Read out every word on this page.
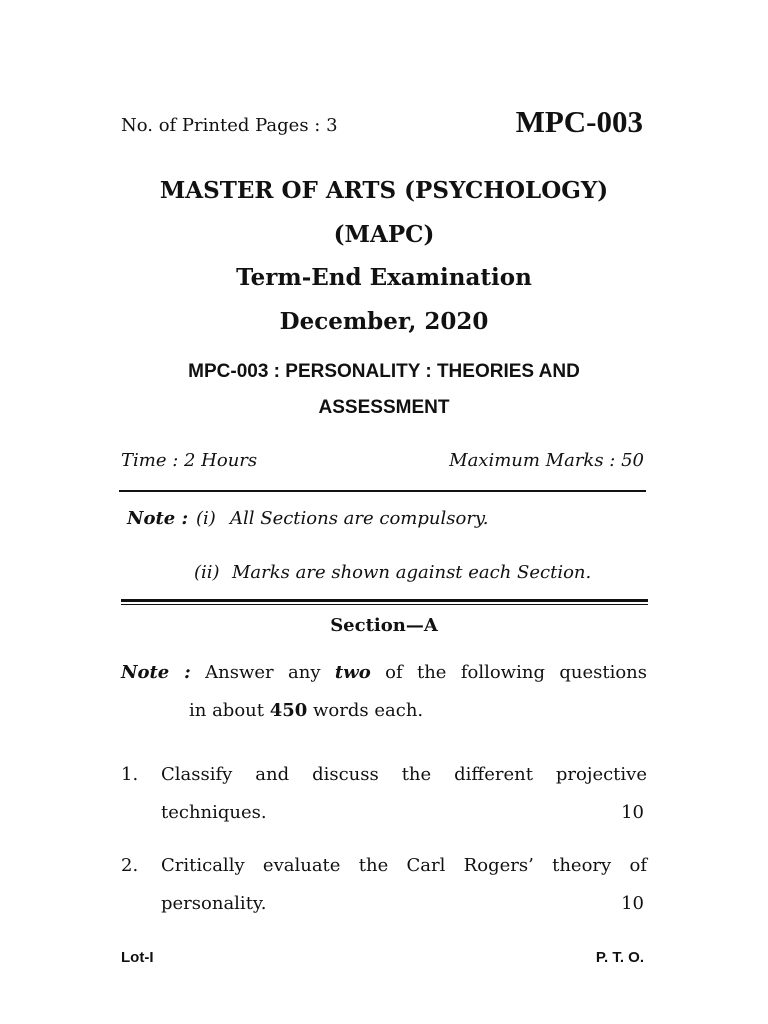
No. of Printed Pages : 3	MPC-003
MASTER OF ARTS (PSYCHOLOGY)
(MAPC)
Term-End Examination
December, 2020
MPC-003 : PERSONALITY : THEORIES AND
ASSESSMENT
Time : 2 Hours	Maximum Marks : 50
Note : (i) All Sections are compulsory.
(ii) Marks are shown against each Section.
Section—A
Note : Answer any two of the following questions
in about 450 words each.
1. Classify and discuss the different projective
techniques.	10
2. Critically evaluate the Carl Rogers’ theory of
personality.	10
Lot-I	P. T. O.
